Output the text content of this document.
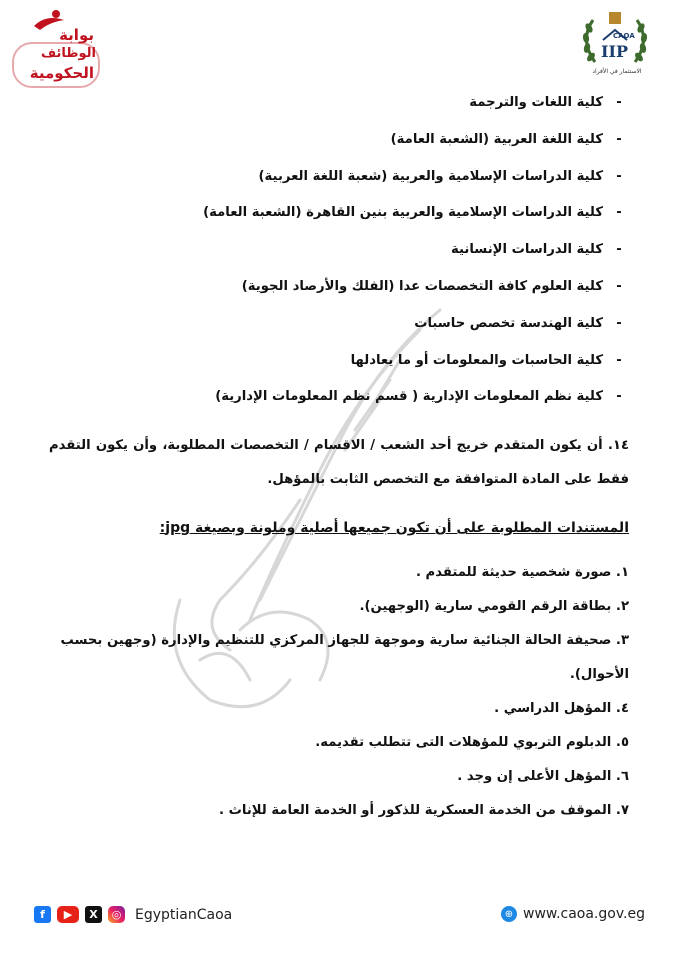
بوابة
الوظائف
الحكومية
CAOA
IIP
الاستثمار في الأفراد
-
كلية اللغات والترجمة
-
كلية اللغة العربية (الشعبة العامة)
-
كلية الدراسات الإسلامية والعربية (شعبة اللغة العربية)
-
كلية الدراسات الإسلامية والعربية بنين القاهرة (الشعبة العامة)
-
كلية الدراسات الإنسانية
-
كلية العلوم كافة التخصصات عدا (الفلك والأرصاد الجوية)
-
كلية الهندسة تخصص حاسبات
-
كلية الحاسبات والمعلومات أو ما يعادلها
-
كلية نظم المعلومات الإدارية ( قسم نظم المعلومات الإدارية)
١٤. أن يكون المتقدم خريج أحد الشعب / الاقسام / التخصصات المطلوبة، وأن يكون التقدم فقط على المادة المتوافقة مع التخصص الثابت بالمؤهل.
المستندات المطلوبة على أن تكون جميعها أصلية وملونة وبصيغة jpg:
١. صورة شخصية حديثة للمتقدم .
٢. بطاقة الرقم القومي سارية (الوجهين).
٣. صحيفة الحالة الجنائية سارية وموجهة للجهاز المركزي للتنظيم والإدارة (وجهين بحسب الأحوال).
٤. المؤهل الدراسي .
٥. الدبلوم التربوي للمؤهلات التى تتطلب تقديمه.
٦. المؤهل الأعلى إن وجد .
٧. الموقف من الخدمة العسكرية للذكور أو الخدمة العامة للإناث .
f	▶	X	◎ EgyptianCaoa	⊕ www.caoa.gov.eg
